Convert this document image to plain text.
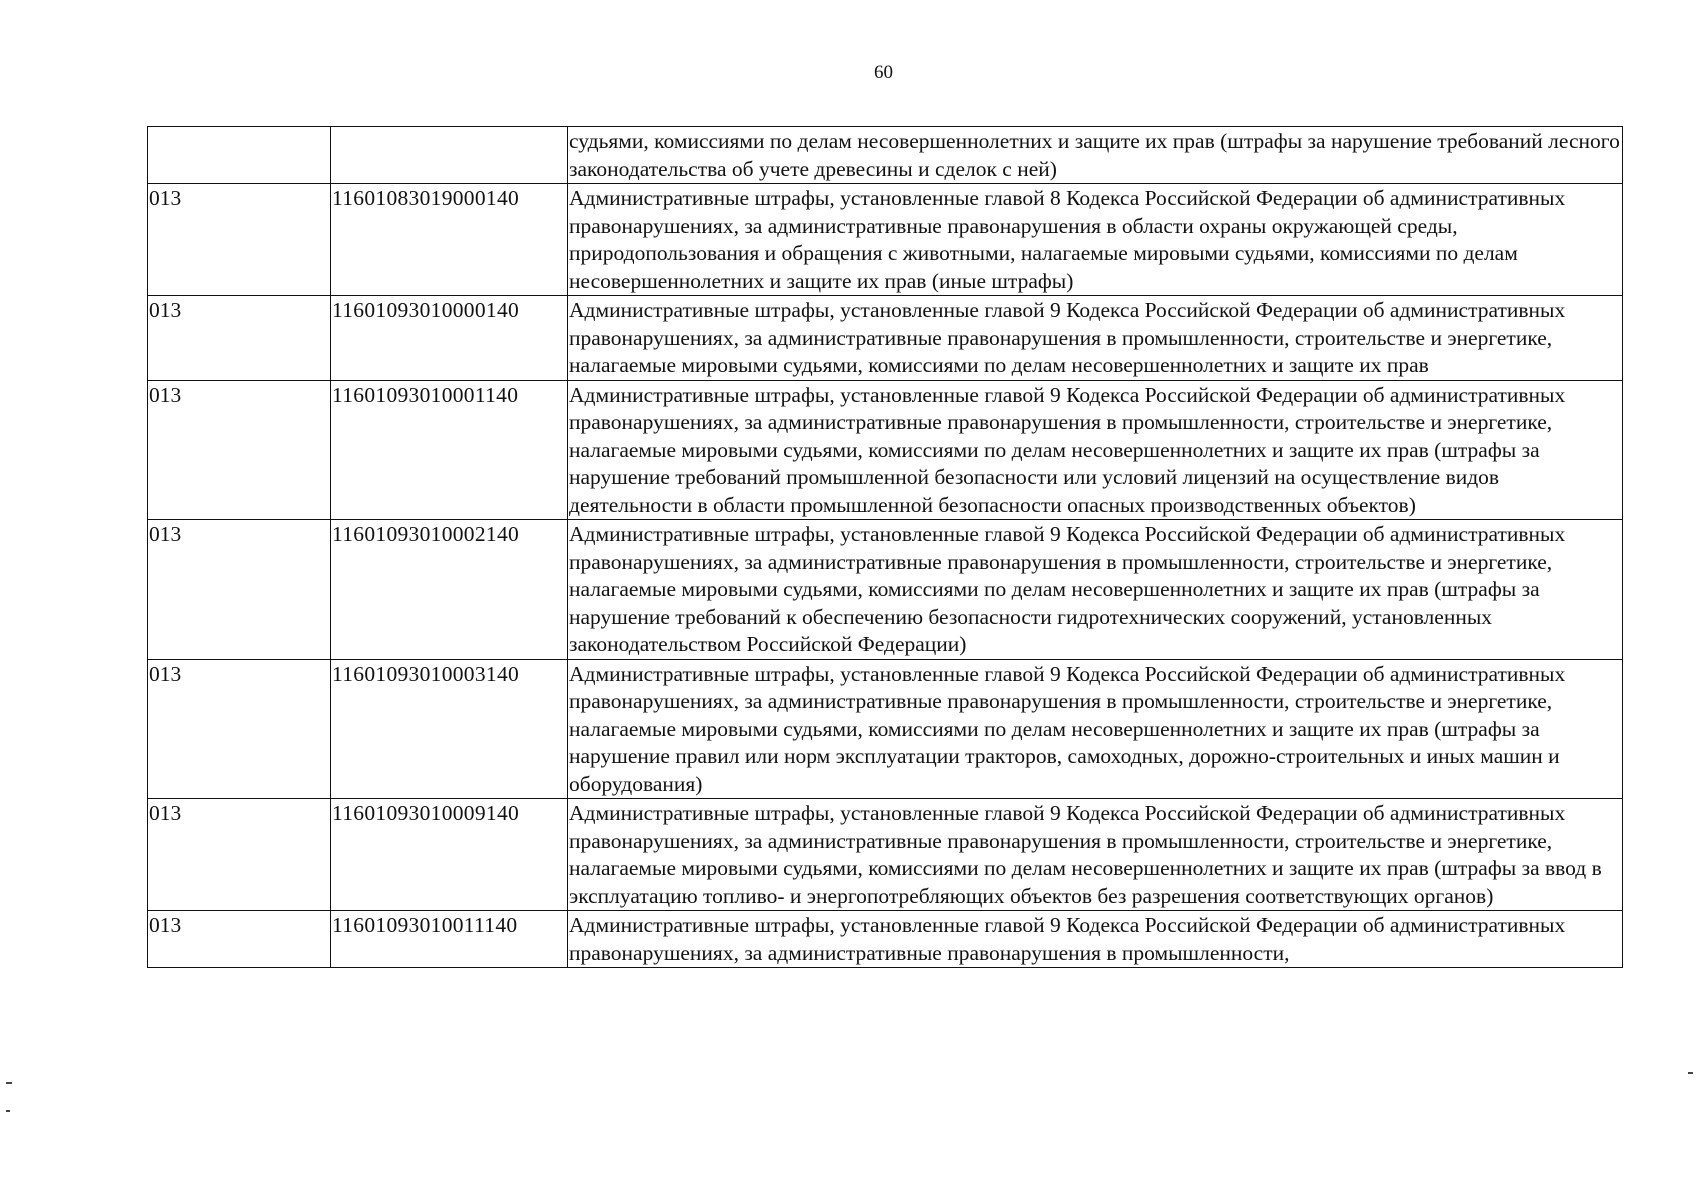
60
		судьями, комиссиями по делам несовершеннолетних и защите их прав (штрафы за нарушение требований лесного законодательства об учете древесины и сделок с ней)
013	11601083019000140	Административные штрафы, установленные главой 8 Кодекса Российской Федерации об административных правонарушениях, за административные правонарушения в области охраны окружающей среды, природопользования и обращения с животными, налагаемые мировыми судьями, комиссиями по делам несовершеннолетних и защите их прав (иные штрафы)
013	11601093010000140	Административные штрафы, установленные главой 9 Кодекса Российской Федерации об административных правонарушениях, за административные правонарушения в промышленности, строительстве и энергетике, налагаемые мировыми судьями, комиссиями по делам несовершеннолетних и защите их прав
013	11601093010001140	Административные штрафы, установленные главой 9 Кодекса Российской Федерации об административных правонарушениях, за административные правонарушения в промышленности, строительстве и энергетике, налагаемые мировыми судьями, комиссиями по делам несовершеннолетних и защите их прав (штрафы за нарушение требований промышленной безопасности или условий лицензий на осуществление видов деятельности в области промышленной безопасности опасных производственных объектов)
013	11601093010002140	Административные штрафы, установленные главой 9 Кодекса Российской Федерации об административных правонарушениях, за административные правонарушения в промышленности, строительстве и энергетике, налагаемые мировыми судьями, комиссиями по делам несовершеннолетних и защите их прав (штрафы за нарушение требований к обеспечению безопасности гидротехнических сооружений, установленных законодательством Российской Федерации)
013	11601093010003140	Административные штрафы, установленные главой 9 Кодекса Российской Федерации об административных правонарушениях, за административные правонарушения в промышленности, строительстве и энергетике, налагаемые мировыми судьями, комиссиями по делам несовершеннолетних и защите их прав (штрафы за нарушение правил или норм эксплуатации тракторов, самоходных, дорожно-строительных и иных машин и оборудования)
013	11601093010009140	Административные штрафы, установленные главой 9 Кодекса Российской Федерации об административных правонарушениях, за административные правонарушения в промышленности, строительстве и энергетике, налагаемые мировыми судьями, комиссиями по делам несовершеннолетних и защите их прав (штрафы за ввод в эксплуатацию топливо- и энергопотребляющих объектов без разрешения соответствующих органов)
013	11601093010011140	Административные штрафы, установленные главой 9 Кодекса Российской Федерации об административных правонарушениях, за административные правонарушения в промышленности,
